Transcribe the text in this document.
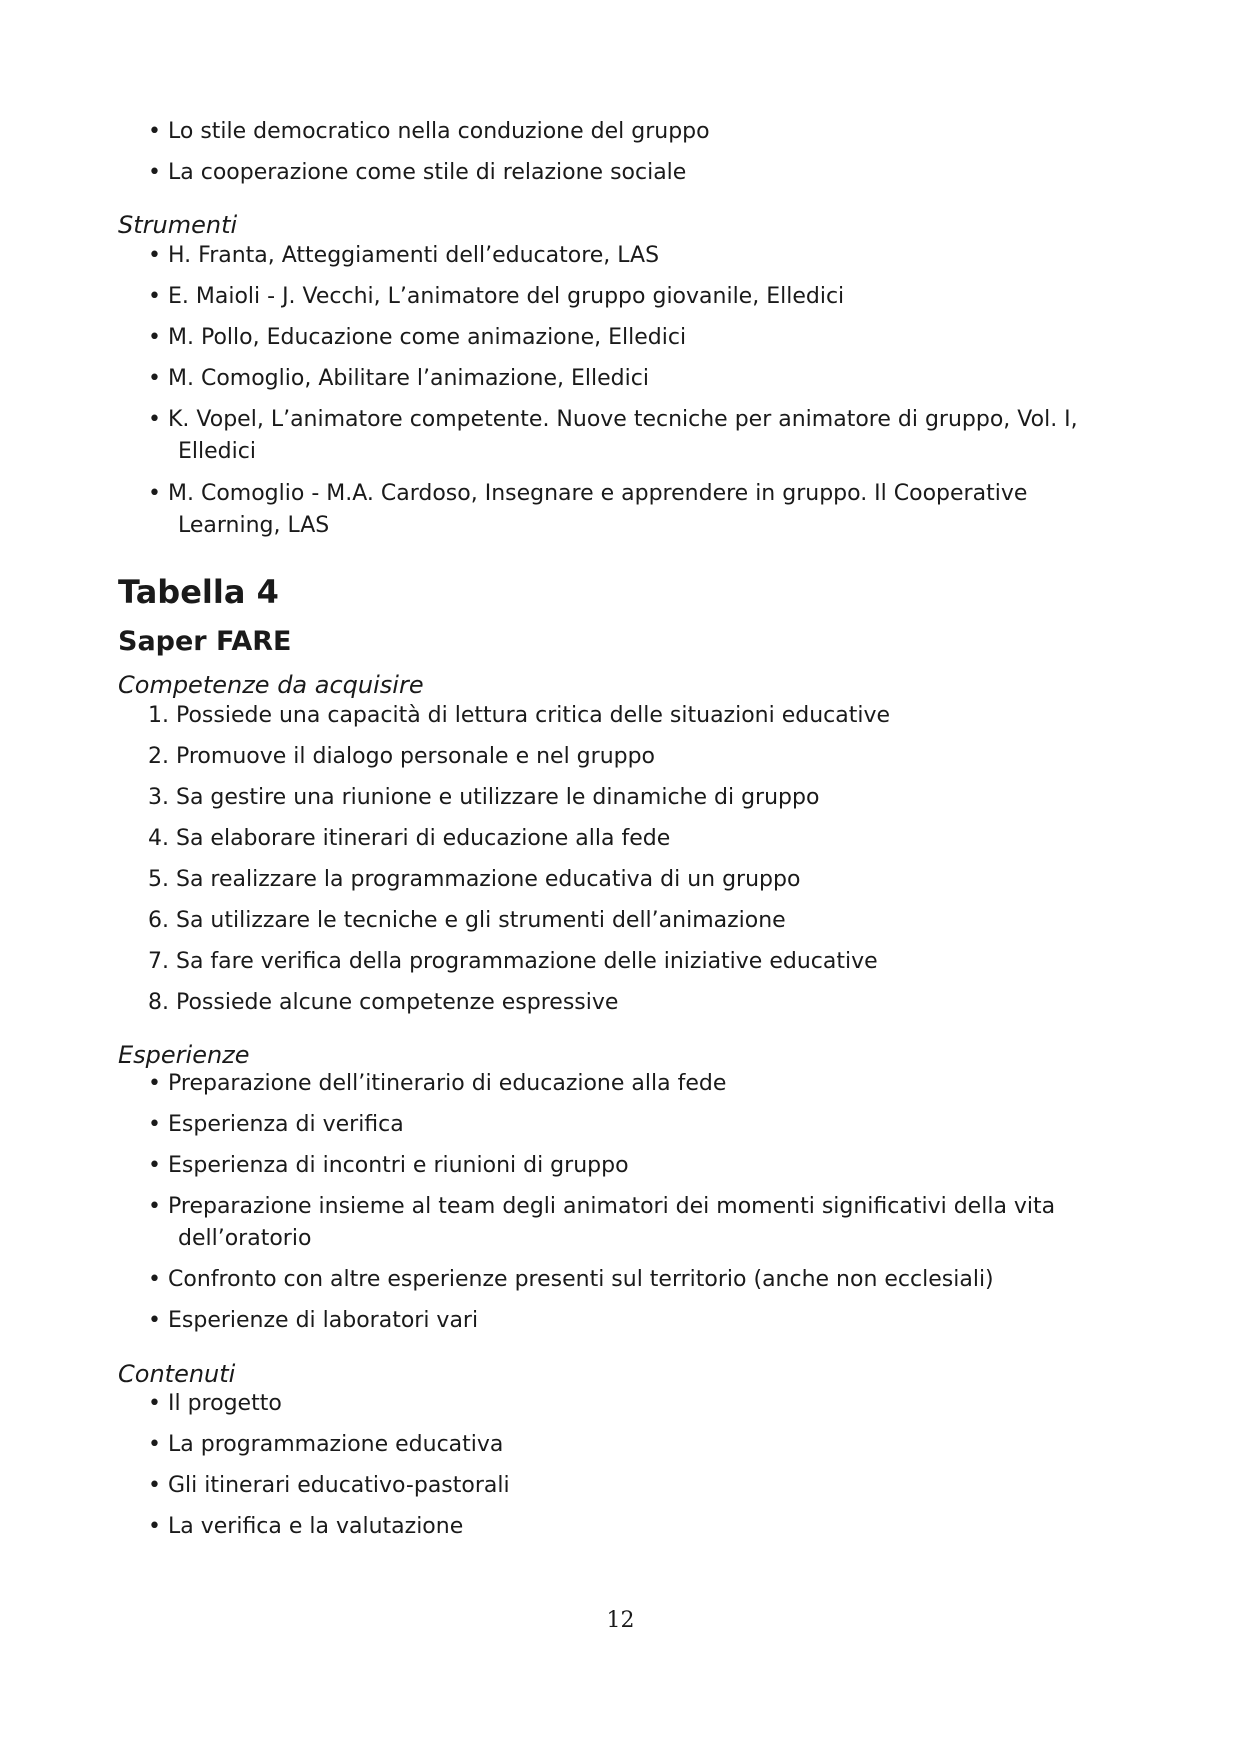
• Lo stile democratico nella conduzione del gruppo
• La cooperazione come stile di relazione sociale
Strumenti
• H. Franta, Atteggiamenti dell’educatore, LAS
• E. Maioli - J. Vecchi, L’animatore del gruppo giovanile, Elledici
• M. Pollo, Educazione come animazione, Elledici
• M. Comoglio, Abilitare l’animazione, Elledici
• K. Vopel, L’animatore competente. Nuove tecniche per animatore di gruppo, Vol. I,
Elledici
• M. Comoglio - M.A. Cardoso, Insegnare e apprendere in gruppo. Il Cooperative
Learning, LAS
Tabella 4
Saper FARE
Competenze da acquisire
1. Possiede una capacità di lettura critica delle situazioni educative
2. Promuove il dialogo personale e nel gruppo
3. Sa gestire una riunione e utilizzare le dinamiche di gruppo
4. Sa elaborare itinerari di educazione alla fede
5. Sa realizzare la programmazione educativa di un gruppo
6. Sa utilizzare le tecniche e gli strumenti dell’animazione
7. Sa fare verifica della programmazione delle iniziative educative
8. Possiede alcune competenze espressive
Esperienze
• Preparazione dell’itinerario di educazione alla fede
• Esperienza di verifica
• Esperienza di incontri e riunioni di gruppo
• Preparazione insieme al team degli animatori dei momenti significativi della vita
dell’oratorio
• Confronto con altre esperienze presenti sul territorio (anche non ecclesiali)
• Esperienze di laboratori vari
Contenuti
• Il progetto
• La programmazione educativa
• Gli itinerari educativo-pastorali
• La verifica e la valutazione
12
